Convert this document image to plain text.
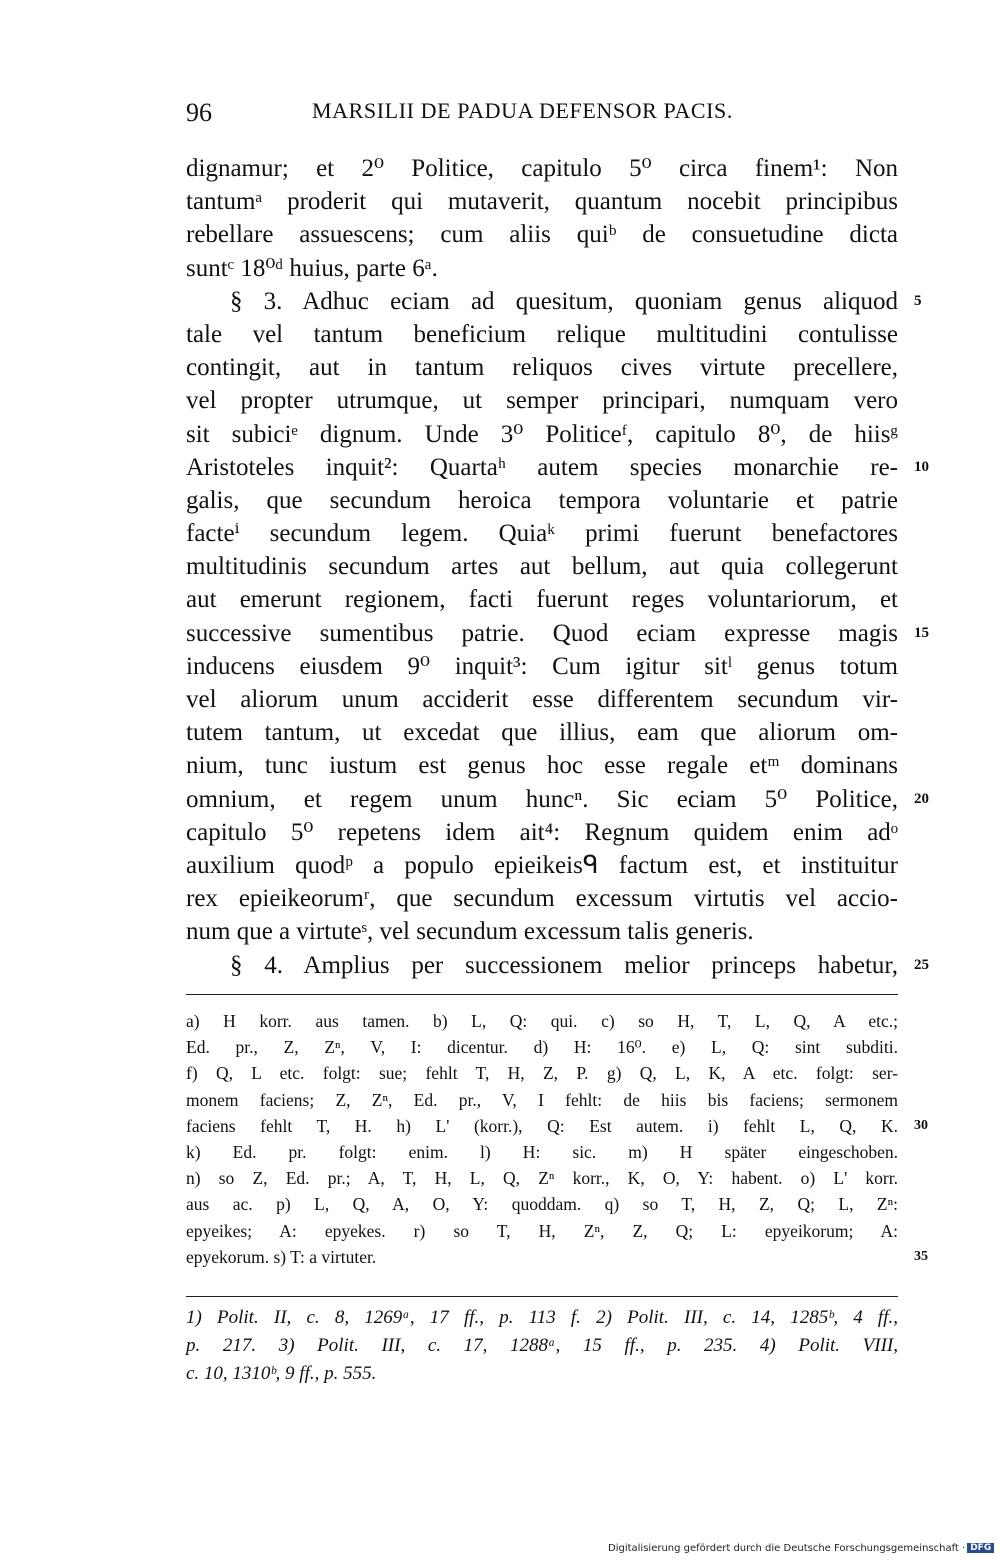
96	MARSILII DE PADUA DEFENSOR PACIS.
dignamur; et 2⁰ Politice, capitulo 5⁰ circa finem¹: Non
tantumᵃ proderit qui mutaverit, quantum nocebit principibus
rebellare assuescens; cum aliis quiᵇ de consuetudine dicta
suntᶜ 18⁰ᵈ huius, parte 6ᵃ.
§ 3. Adhuc eciam ad quesitum, quoniam genus aliquod 5
tale vel tantum beneficium relique multitudini contulisse
contingit, aut in tantum reliquos cives virtute precellere,
vel propter utrumque, ut semper principari, numquam vero
sit subiciᵉ dignum. Unde 3⁰ Politiceᶠ, capitulo 8⁰, de hiisᵍ
Aristoteles inquit²: Quartaʰ autem species monarchie re- 10
galis, que secundum heroica tempora voluntarie et patrie
facteⁱ secundum legem. Quiaᵏ primi fuerunt benefactores
multitudinis secundum artes aut bellum, aut quia collegerunt
aut emerunt regionem, facti fuerunt reges voluntariorum, et
successive sumentibus patrie. Quod eciam expresse magis 15
inducens eiusdem 9⁰ inquit³: Cum igitur sitˡ genus totum
vel aliorum unum acciderit esse differentem secundum vir-
tutem tantum, ut excedat que illius, eam que aliorum om-
nium, tunc iustum est genus hoc esse regale etᵐ dominans
omnium, et regem unum huncⁿ. Sic eciam 5⁰ Politice, 20
capitulo 5⁰ repetens idem ait⁴: Regnum quidem enim adᵒ
auxilium quodᵖ a populo epieikeisᑫ factum est, et instituitur
rex epieikeorumʳ, que secundum excessum virtutis vel accio-
num que a virtuteˢ, vel secundum excessum talis generis.
§ 4. Amplius per successionem melior princeps habetur, 25
a) H korr. aus tamen. b) L, Q: qui. c) so H, T, L, Q, A etc.;
Ed. pr., Z, Zⁿ, V, I: dicentur. d) H: 16⁰. e) L, Q: sint subditi.
f) Q, L etc. folgt: sue; fehlt T, H, Z, P. g) Q, L, K, A etc. folgt: ser-
monem faciens; Z, Zⁿ, Ed. pr., V, I fehlt: de hiis bis faciens; sermonem
faciens fehlt T, H. h) L' (korr.), Q: Est autem. i) fehlt L, Q, K. 30
k) Ed. pr. folgt: enim. l) H: sic. m) H später eingeschoben.
n) so Z, Ed. pr.; A, T, H, L, Q, Zⁿ korr., K, O, Y: habent. o) L' korr.
aus ac. p) L, Q, A, O, Y: quoddam. q) so T, H, Z, Q; L, Zⁿ:
epyeikes; A: epyekes. r) so T, H, Zⁿ, Z, Q; L: epyeikorum; A:
epyekorum. s) T: a virtuter.	35
1) Polit. II, c. 8, 1269ᵃ, 17 ff., p. 113 f. 2) Polit. III, c. 14, 1285ᵇ, 4 ff.,
p. 217. 3) Polit. III, c. 17, 1288ᵃ, 15 ff., p. 235. 4) Polit. VIII,
c. 10, 1310ᵇ, 9 ff., p. 555.
Digitalisierung gefördert durch die Deutsche Forschungsgemeinschaft · DFG
